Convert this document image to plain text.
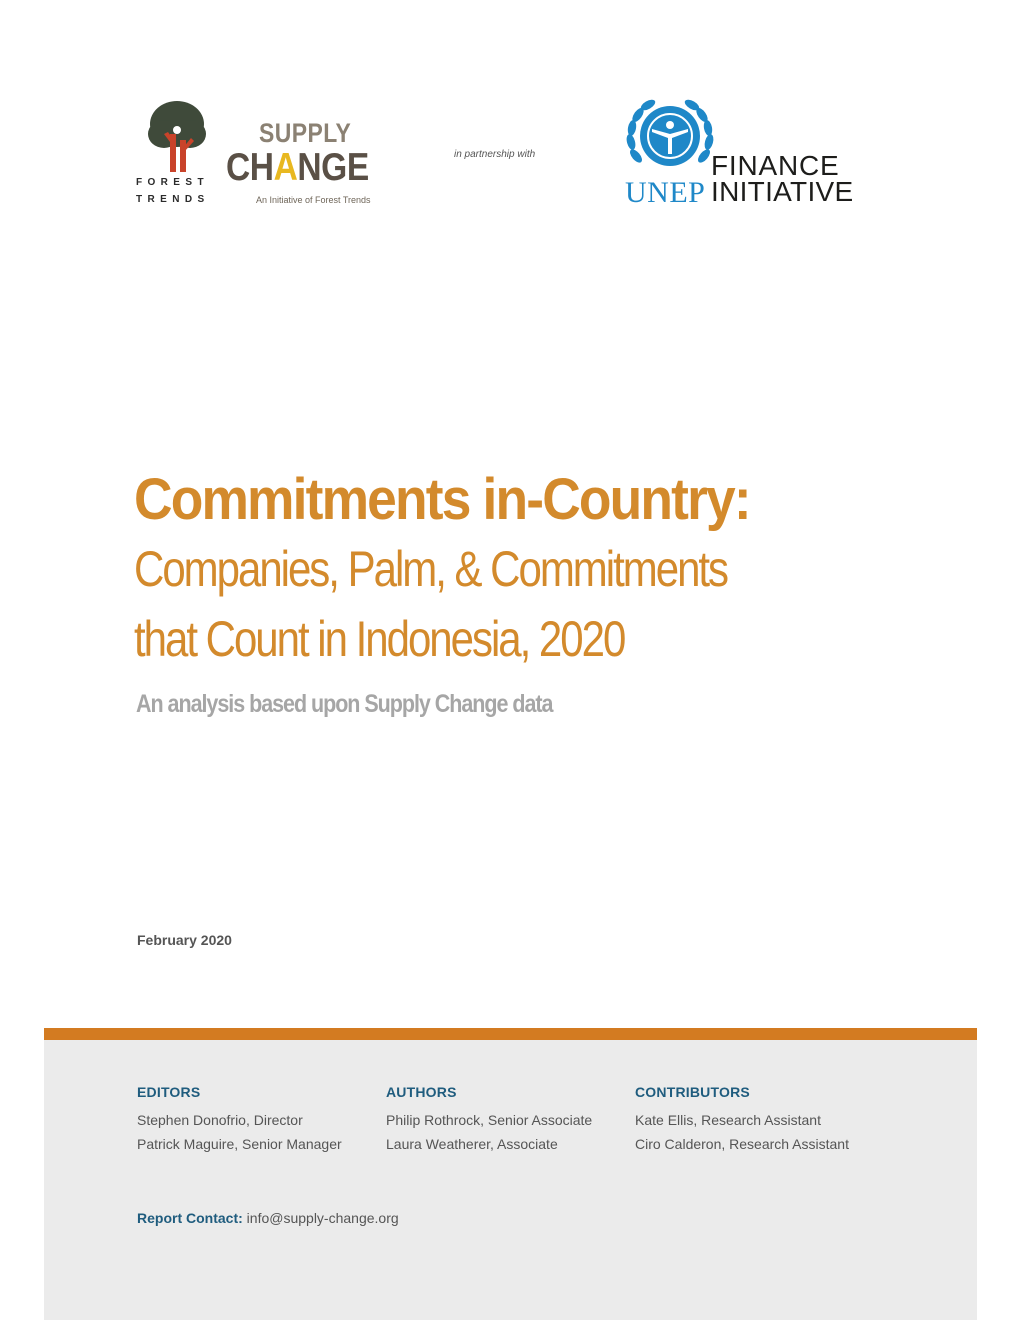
FOREST
TRENDS
SUPPLY
CHANGE
An Initiative of Forest Trends
in partnership with	FINANCE
UNEP INITIATIVE
Commitments in-Country:
Companies, Palm, & Commitments
that Count in Indonesia, 2020
An analysis based upon Supply Change data
February 2020
EDITORS
Stephen Donofrio, Director
Patrick Maguire, Senior Manager
AUTHORS
Philip Rothrock, Senior Associate
Laura Weatherer, Associate
CONTRIBUTORS
Kate Ellis, Research Assistant
Ciro Calderon, Research Assistant
Report Contact: info@supply-change.org
